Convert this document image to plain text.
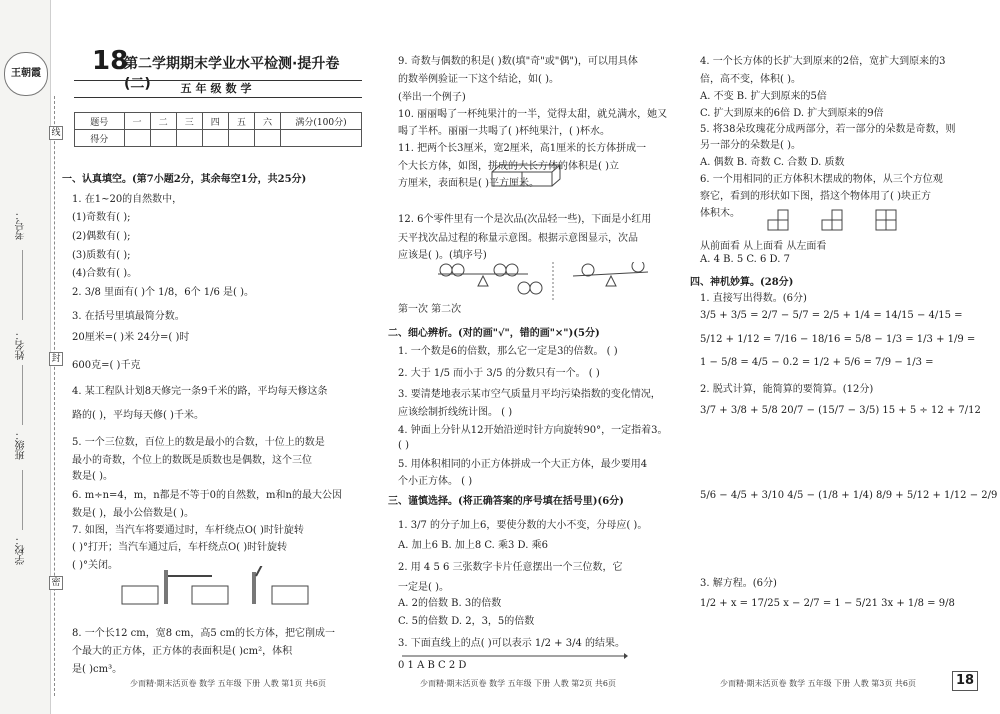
王朝霞
考号：
姓名：
班级：
学校：
线
封
密
18
第二学期期末学业水平检测·提升卷(二)	五年级数学
题号	一	二	三	四	五	六	满分(100分)
得分							
一、认真填空。(第7小题2分，其余每空1分，共25分)
1. 在1~20的自然数中，
(1)奇数有( );
(2)偶数有( );
(3)质数有( );
(4)合数有( )。
2. 3/8 里面有( )个 1/8，6个 1/6 是( )。
3. 在括号里填最简分数。
20厘米=( )米 24分=( )时
600克=( )千克
4. 某工程队计划8天修完一条9千米的路，平均每天修这条
路的( )，平均每天修( )千米。
5. 一个三位数，百位上的数是最小的合数，十位上的数是
最小的奇数，个位上的数既是质数也是偶数，这个三位
数是( )。
6. m÷n=4，m，n都是不等于0的自然数，m和n的最大公因
数是( )，最小公倍数是( )。
7. 如图，当汽车将要通过时，车杆绕点O( )时针旋转
( )°打开；当汽车通过后，车杆绕点O( )时针旋转
( )°关闭。
8. 一个长12 cm，宽8 cm，高5 cm的长方体，把它削成一
个最大的正方体，正方体的表面积是( )cm²，体积
是( )cm³。
9. 奇数与偶数的积是( )数(填"奇"或"偶")，可以用具体
的数举例验证一下这个结论，如( )。
(举出一个例子)
10. 丽丽喝了一杯纯果汁的一半，觉得太甜，就兑满水，她又
喝了半杯。丽丽一共喝了( )杯纯果汁，( )杯水。
11. 把两个长3厘米，宽2厘米，高1厘米的长方体拼成一
个大长方体，如图，拼成的大长方体的体积是( )立
方厘米，表面积是( )平方厘米。
12. 6个零件里有一个是次品(次品轻一些)，下面是小红用
天平找次品过程的称量示意图。根据示意图显示，次品
应该是( )。(填序号)
第一次 第二次
二、细心辨析。(对的画"√"，错的画"×")(5分)
1. 一个数是6的倍数，那么它一定是3的倍数。 ( )
2. 大于 1/5 而小于 3/5 的分数只有一个。 ( )
3. 要清楚地表示某市空气质量月平均污染指数的变化情况，
应该绘制折线统计图。 ( )
4. 钟面上分针从12开始沿逆时针方向旋转90°，一定指着3。
( )
5. 用体积相同的小正方体拼成一个大正方体，最少要用4
个小正方体。 ( )
三、谨慎选择。(将正确答案的序号填在括号里)(6分)
1. 3/7 的分子加上6，要使分数的大小不变，分母应( )。
A. 加上6 B. 加上8 C. 乘3 D. 乘6
2. 用 4 5 6 三张数字卡片任意摆出一个三位数，它
一定是( )。
A. 2的倍数 B. 3的倍数
C. 5的倍数 D. 2，3，5的倍数
3. 下面直线上的点( )可以表示 1/2 + 3/4 的结果。
0 1 A B C 2 D
4. 一个长方体的长扩大到原来的2倍，宽扩大到原来的3
倍，高不变，体积( )。
A. 不变 B. 扩大到原来的5倍
C. 扩大到原来的6倍 D. 扩大到原来的9倍
5. 将38朵玫瑰花分成两部分，若一部分的朵数是奇数，则
另一部分的朵数是( )。
A. 偶数 B. 奇数 C. 合数 D. 质数
6. 一个用相同的正方体积木摆成的物体，从三个方位观
察它，看到的形状如下图，搭这个物体用了( )块正方
体积木。
从前面看 从上面看 从左面看
A. 4 B. 5 C. 6 D. 7
四、神机妙算。(28分)
1. 直接写出得数。(6分)
3/5 + 3/5 = 2/7 − 5/7 = 2/5 + 1/4 = 14/15 − 4/15 =
5/12 + 1/12 = 7/16 − 18/16 = 5/8 − 1/3 = 1/3 + 1/9 =
1 − 5/8 = 4/5 − 0.2 = 1/2 + 5/6 = 7/9 − 1/3 =
2. 脱式计算，能简算的要简算。(12分)
3/7 + 3/8 + 5/8 20/7 − (15/7 − 3/5) 15 + 5 ÷ 12 + 7/12
5/6 − 4/5 + 3/10 4/5 − (1/8 + 1/4) 8/9 + 5/12 + 1/12 − 2/9
3. 解方程。(6分)
1/2 + x = 17/25 x − 2/7 = 1 − 5/21 3x + 1/8 = 9/8
少而精·期末活页卷 数学 五年级 下册 人教 第1页 共6页	少而精·期末活页卷 数学 五年级 下册 人教 第2页 共6页	少而精·期末活页卷 数学 五年级 下册 人教 第3页 共6页	18
